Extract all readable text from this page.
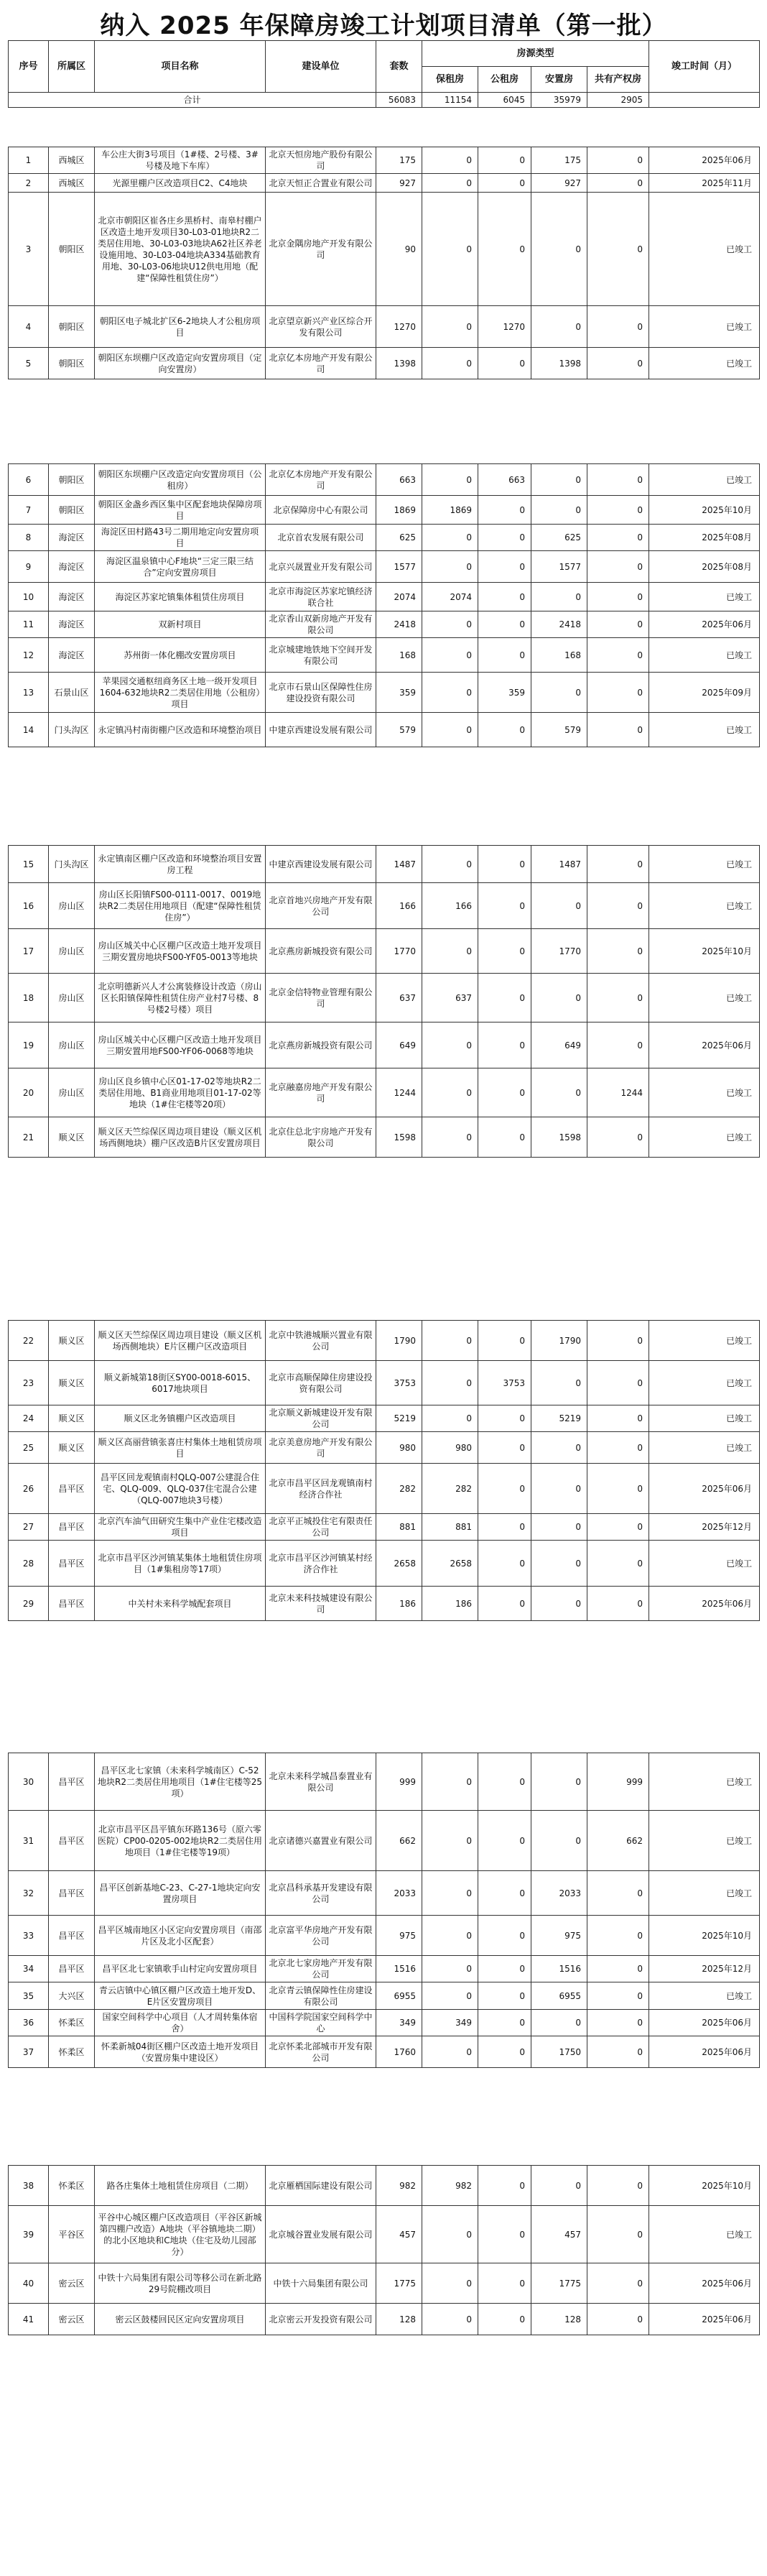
纳入 2025 年保障房竣工计划项目清单（第一批）
序号	所属区	项目名称	建设单位	套数	房源类型				竣工时间（月）
					保租房	公租房	安置房	共有产权房	
合计				56083	11154	6045	35979	2905	
1	西城区	车公庄大街3号项目（1#楼、2号楼、3#号楼及地下车库）	北京天恒房地产股份有限公司	175	0	0	175	0	2025年06月
2	西城区	光源里棚户区改造项目C2、C4地块	北京天恒正合置业有限公司	927	0	0	927	0	2025年11月
3	朝阳区	北京市朝阳区崔各庄乡黑桥村、南皋村棚户区改造土地开发项目30-L03-01地块R2二类居住用地、30-L03-03地块A62社区养老设施用地、30-L03-04地块A334基础教育用地、30-L03-06地块U12供电用地（配建“保障性租赁住房”）	北京金隅房地产开发有限公司	90	0	0	0	0	已竣工
4	朝阳区	朝阳区电子城北扩区6-2地块人才公租房项目	北京望京新兴产业区综合开发有限公司	1270	0	1270	0	0	已竣工
5	朝阳区	朝阳区东坝棚户区改造定向安置房项目（定向安置房）	北京亿本房地产开发有限公司	1398	0	0	1398	0	已竣工
6	朝阳区	朝阳区东坝棚户区改造定向安置房项目（公租房）	北京亿本房地产开发有限公司	663	0	663	0	0	已竣工
7	朝阳区	朝阳区金盏乡西区集中区配套地块保障房项目	北京保障房中心有限公司	1869	1869	0	0	0	2025年10月
8	海淀区	海淀区田村路43号二期用地定向安置房项目	北京首农发展有限公司	625	0	0	625	0	2025年08月
9	海淀区	海淀区温泉镇中心F地块“三定三限三结合”定向安置房项目	北京兴晟置业开发有限公司	1577	0	0	1577	0	2025年08月
10	海淀区	海淀区苏家坨镇集体租赁住房项目	北京市海淀区苏家坨镇经济联合社	2074	2074	0	0	0	已竣工
11	海淀区	双新村项目	北京香山双新房地产开发有限公司	2418	0	0	2418	0	2025年06月
12	海淀区	苏州街一体化棚改安置房项目	北京城建地铁地下空间开发有限公司	168	0	0	168	0	已竣工
13	石景山区	苹果园交通枢纽商务区土地一级开发项目1604-632地块R2二类居住用地（公租房）项目	北京市石景山区保障性住房建设投资有限公司	359	0	359	0	0	2025年09月
14	门头沟区	永定镇冯村南街棚户区改造和环境整治项目	中建京西建设发展有限公司	579	0	0	579	0	已竣工
15	门头沟区	永定镇南区棚户区改造和环境整治项目安置房工程	中建京西建设发展有限公司	1487	0	0	1487	0	已竣工
16	房山区	房山区长阳镇FS00-0111-0017、0019地块R2二类居住用地项目（配建“保障性租赁住房”）	北京首地兴房地产开发有限公司	166	166	0	0	0	已竣工
17	房山区	房山区城关中心区棚户区改造土地开发项目三期安置房地块FS00-YF05-0013等地块	北京燕房新城投资有限公司	1770	0	0	1770	0	2025年10月
18	房山区	北京明德新兴人才公寓装修设计改造（房山区长阳镇保障性租赁住房产业村7号楼、8号楼2号楼）项目	北京金信特物业管理有限公司	637	637	0	0	0	已竣工
19	房山区	房山区城关中心区棚户区改造土地开发项目三期安置用地FS00-YF06-0068等地块	北京燕房新城投资有限公司	649	0	0	649	0	2025年06月
20	房山区	房山区良乡镇中心区01-17-02等地块R2二类居住用地、B1商业用地项目01-17-02等地块（1#住宅楼等20项）	北京融嘉房地产开发有限公司	1244	0	0	0	1244	已竣工
21	顺义区	顺义区天竺综保区周边项目建设（顺义区机场西侧地块）棚户区改造B片区安置房项目	北京住总北宇房地产开发有限公司	1598	0	0	1598	0	已竣工
22	顺义区	顺义区天竺综保区周边项目建设（顺义区机场西侧地块）E片区棚户区改造项目	北京中铁港城顺兴置业有限公司	1790	0	0	1790	0	已竣工
23	顺义区	顺义新城第18街区SY00-0018-6015、6017地块项目	北京市高顺保障住房建设投资有限公司	3753	0	3753	0	0	已竣工
24	顺义区	顺义区北务镇棚户区改造项目	北京顺义新城建设开发有限公司	5219	0	0	5219	0	已竣工
25	顺义区	顺义区高丽营镇张喜庄村集体土地租赁房项目	北京美意房地产开发有限公司	980	980	0	0	0	已竣工
26	昌平区	昌平区回龙观镇南村QLQ-007公建混合住宅、QLQ-009、QLQ-037住宅混合公建（QLQ-007地块3号楼）	北京市昌平区回龙观镇南村经济合作社	282	282	0	0	0	2025年06月
27	昌平区	北京汽车油气田研究生集中产业住宅楼改造项目	北京平正城投住宅有限责任公司	881	881	0	0	0	2025年12月
28	昌平区	北京市昌平区沙河镇某集体土地租赁住房项目（1#集租房等17项）	北京市昌平区沙河镇某村经济合作社	2658	2658	0	0	0	已竣工
29	昌平区	中关村未来科学城配套项目	北京未来科技城建设有限公司	186	186	0	0	0	2025年06月
30	昌平区	昌平区北七家镇（未来科学城南区）C-52地块R2二类居住用地项目（1#住宅楼等25项）	北京未来科学城昌泰置业有限公司	999	0	0	0	999	已竣工
31	昌平区	北京市昌平区昌平镇东环路136号（原六零医院）CP00-0205-002地块R2二类居住用地项目（1#住宅楼等19项）	北京诸德兴嘉置业有限公司	662	0	0	0	662	已竣工
32	昌平区	昌平区创新基地C-23、C-27-1地块定向安置房项目	北京昌科承基开发建设有限公司	2033	0	0	2033	0	已竣工
33	昌平区	昌平区城南地区小区定向安置房项目（南邵片区及北小区配套）	北京富平华房地产开发有限公司	975	0	0	975	0	2025年10月
34	昌平区	昌平区北七家镇歌手山村定向安置房项目	北京北七家房地产开发有限公司	1516	0	0	1516	0	2025年12月
35	大兴区	青云店镇中心镇区棚户区改造土地开发D、E片区安置房项目	北京青云镇保障性住房建设有限公司	6955	0	0	6955	0	已竣工
36	怀柔区	国家空间科学中心项目（人才周转集体宿舍）	中国科学院国家空间科学中心	349	349	0	0	0	2025年06月
37	怀柔区	怀柔新城04街区棚户区改造土地开发项目（安置房集中建设区）	北京怀柔北部城市开发有限公司	1760	0	0	1750	0	2025年06月
38	怀柔区	路各庄集体土地租赁住房项目（二期）	北京雁栖国际建设有限公司	982	982	0	0	0	2025年10月
39	平谷区	平谷中心城区棚户区改造项目（平谷区新城第四棚户改造）A地块（平谷镇地块二期）的北小区地块和C地块（住宅及幼儿园部分）	北京城谷置业发展有限公司	457	0	0	457	0	已竣工
40	密云区	中铁十六局集团有限公司等移公司在新北路29号院棚改项目	中铁十六局集团有限公司	1775	0	0	1775	0	2025年06月
41	密云区	密云区鼓楼回民区定向安置房项目	北京密云开发投资有限公司	128	0	0	128	0	2025年06月
